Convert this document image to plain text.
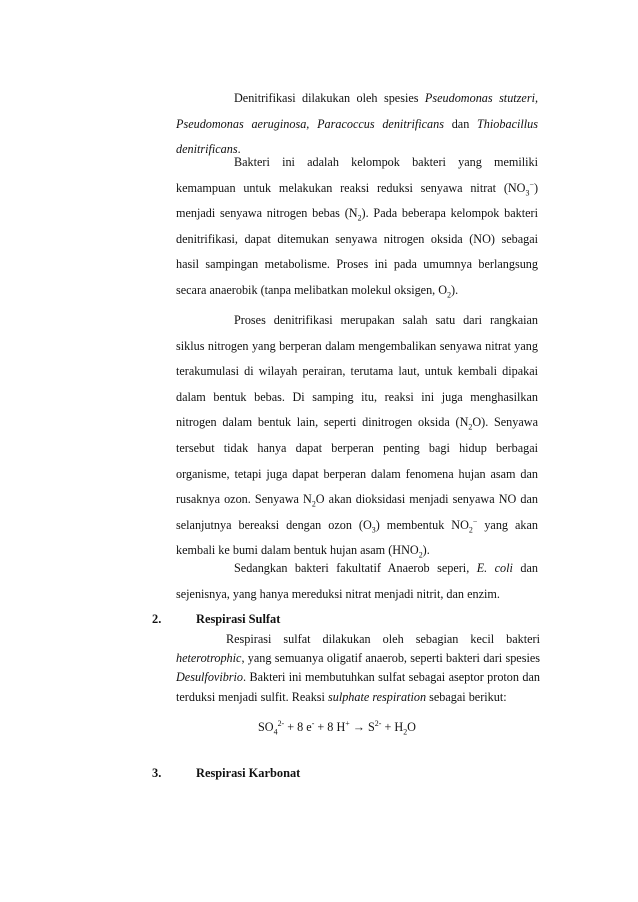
Denitrifikasi dilakukan oleh spesies Pseudomonas stutzeri, Pseudomonas aeruginosa, Paracoccus denitrificans dan Thiobacillus denitrificans.

Bakteri ini adalah kelompok bakteri yang memiliki kemampuan untuk melakukan reaksi reduksi senyawa nitrat $(NO_3^-)$ menjadi senyawa nitrogen bebas $(N_2)$. Pada beberapa kelompok bakteri denitrifikasi, dapat ditemukan senyawa nitrogen oksida (NO) sebagai hasil sampingan metabolisme. Proses ini pada umumnya berlangsung secara anaerobik (tanpa melibatkan molekul oksigen, $O_2$).

Proses denitrifikasi merupakan salah satu dari rangkaian siklus nitrogen yang berperan dalam mengembalikan senyawa nitrat yang terakumulasi di wilayah perairan, terutama laut, untuk kembali dipakai dalam bentuk bebas. Di samping itu, reaksi ini juga menghasilkan nitrogen dalam bentuk lain, seperti dinitrogen oksida $(N_2O)$. Senyawa tersebut tidak hanya dapat berperan penting bagi hidup berbagai organisme, tetapi juga dapat berperan dalam fenomena hujan asam dan rusaknya ozon. Senyawa $N_2O$ akan dioksidasi menjadi senyawa NO dan selanjutnya bereaksi dengan ozon $(O_3)$ membentuk $NO_2^-$ yang akan kembali ke bumi dalam bentuk hujan asam $(HNO_2)$.

Sedangkan bakteri fakultatif Anaerob seperi, E. coli dan sejenisnya, yang hanya mereduksi nitrat menjadi nitrit, dan enzim.

2.	Respirasi Sulfat

Respirasi sulfat dilakukan oleh sebagian kecil bakteri heterotrophic, yang semuanya oligatif anaerob, seperti bakteri dari spesies Desulfovibrio. Bakteri ini membutuhkan sulfat sebagai aseptor proton dan terduksi menjadi sulfit. Reaksi sulphate respiration sebagai berikut:

$SO_4^{2-} + 8$ e- + 8 $H^+ \to S^{2-} + H_2O$
3.	Respirasi Karbonat
